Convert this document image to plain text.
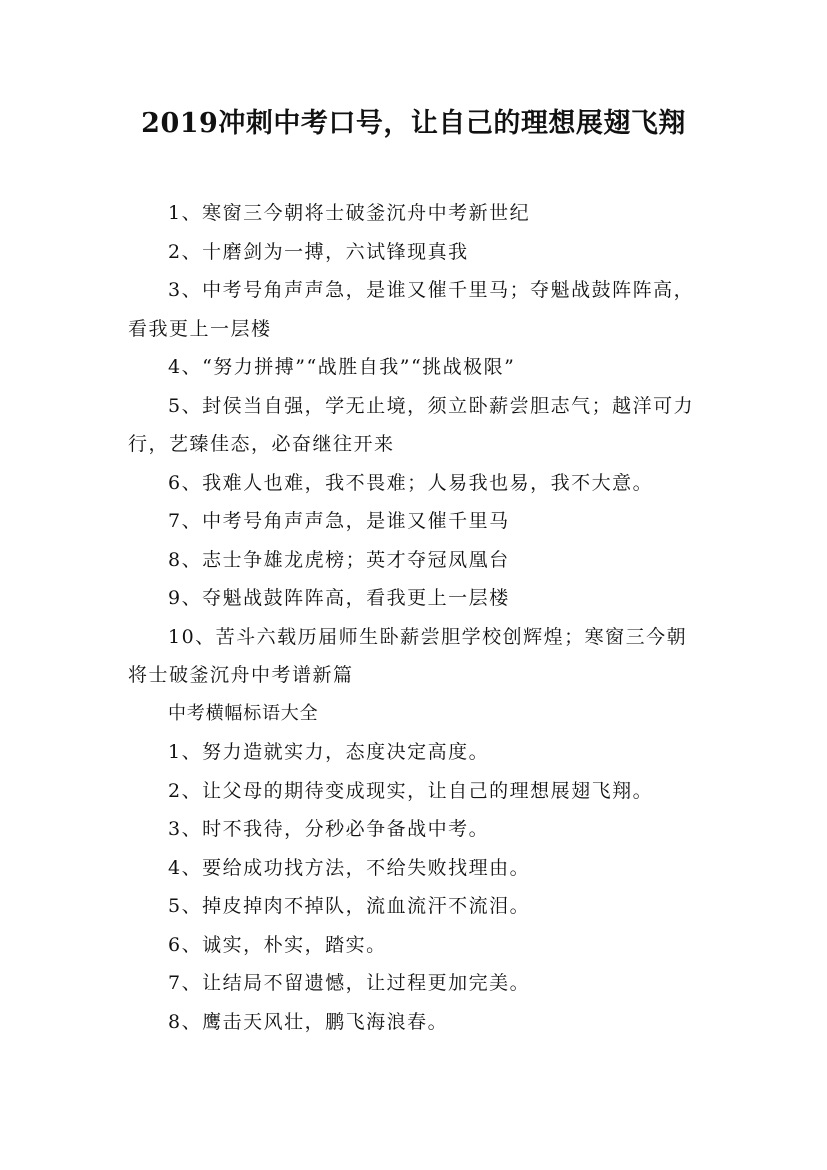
2019冲刺中考口号，让自己的理想展翅飞翔

1、寒窗三今朝将士破釜沉舟中考新世纪

2、十磨剑为一搏，六试锋现真我

3、中考号角声声急，是谁又催千里马；夺魁战鼓阵阵高，看我更上一层楼

4、“努力拼搏”“战胜自我”“挑战极限”

5、封侯当自强，学无止境，须立卧薪尝胆志气；越洋可力行，艺臻佳态，必奋继往开来

6、我难人也难，我不畏难；人易我也易，我不大意。

7、中考号角声声急，是谁又催千里马

8、志士争雄龙虎榜；英才夺冠凤凰台

9、夺魁战鼓阵阵高，看我更上一层楼

10、苦斗六载历届师生卧薪尝胆学校创辉煌；寒窗三今朝将士破釜沉舟中考谱新篇

中考横幅标语大全

1、努力造就实力，态度决定高度。

2、让父母的期待变成现实，让自己的理想展翅飞翔。

3、时不我待，分秒必争备战中考。

4、要给成功找方法，不给失败找理由。

5、掉皮掉肉不掉队，流血流汗不流泪。

6、诚实，朴实，踏实。

7、让结局不留遗憾，让过程更加完美。

8、鹰击天风壮，鹏飞海浪春。
